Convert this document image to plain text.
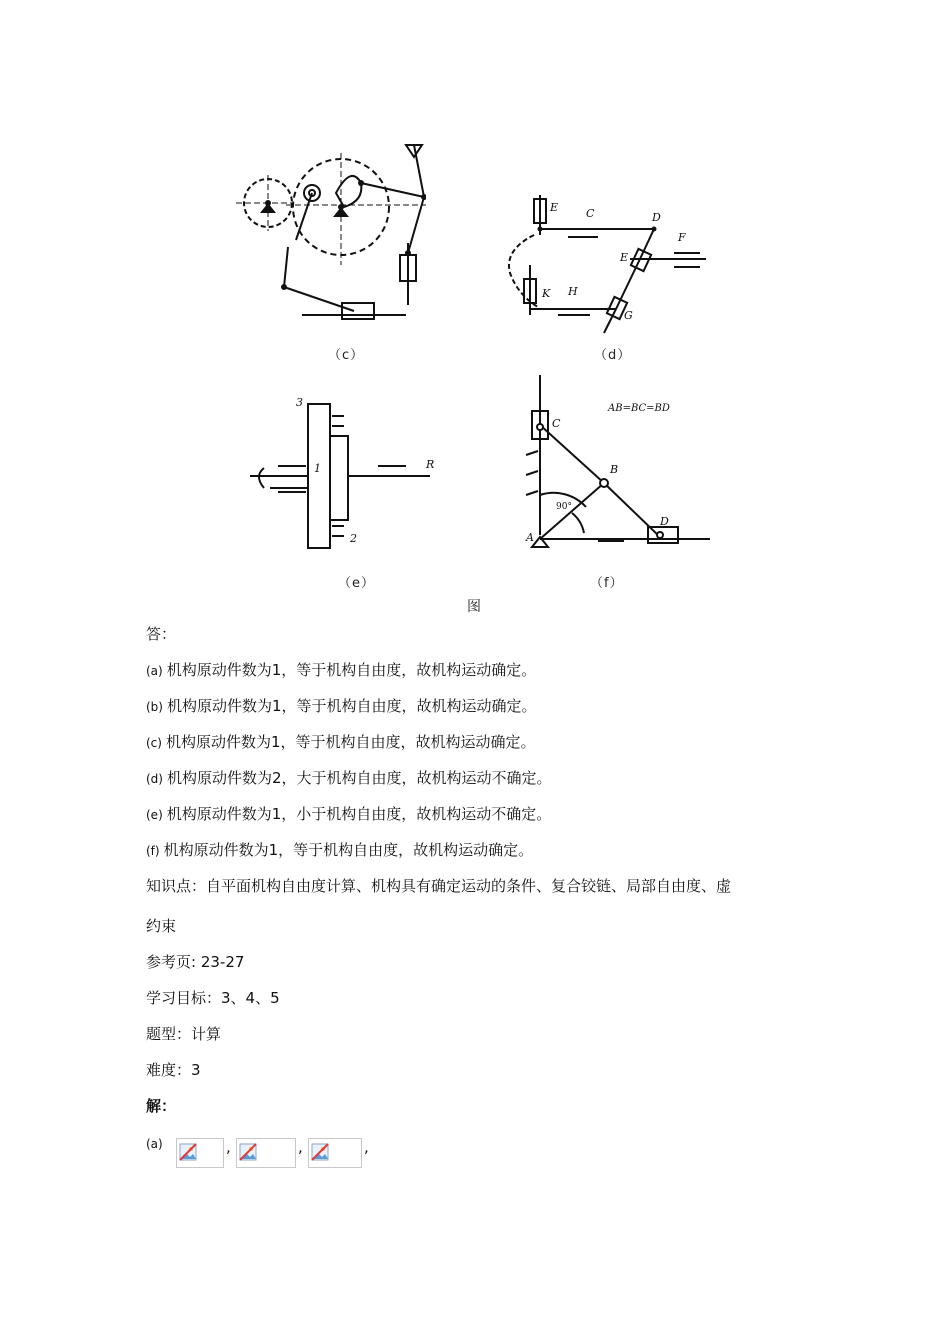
（c）
E	C	D
E
F
K H
G
（d）
3
1
2
R
（e）
C
B
D
A
90°
AB=BC=BD
（f）
图
答：
(a) 机构原动件数为1，等于机构自由度，故机构运动确定。
(b) 机构原动件数为1，等于机构自由度，故机构运动确定。
(c) 机构原动件数为1，等于机构自由度，故机构运动确定。
(d) 机构原动件数为2，大于机构自由度，故机构运动不确定。
(e) 机构原动件数为1，小于机构自由度，故机构运动不确定。
(f) 机构原动件数为1，等于机构自由度，故机构运动确定。
知识点：自平面机构自由度计算、机构具有确定运动的条件、复合铰链、局部自由度、虚
约束
参考页: 23-27
学习目标：3、4、5
题型：计算
难度：3
解：
(a)	,	,	,
